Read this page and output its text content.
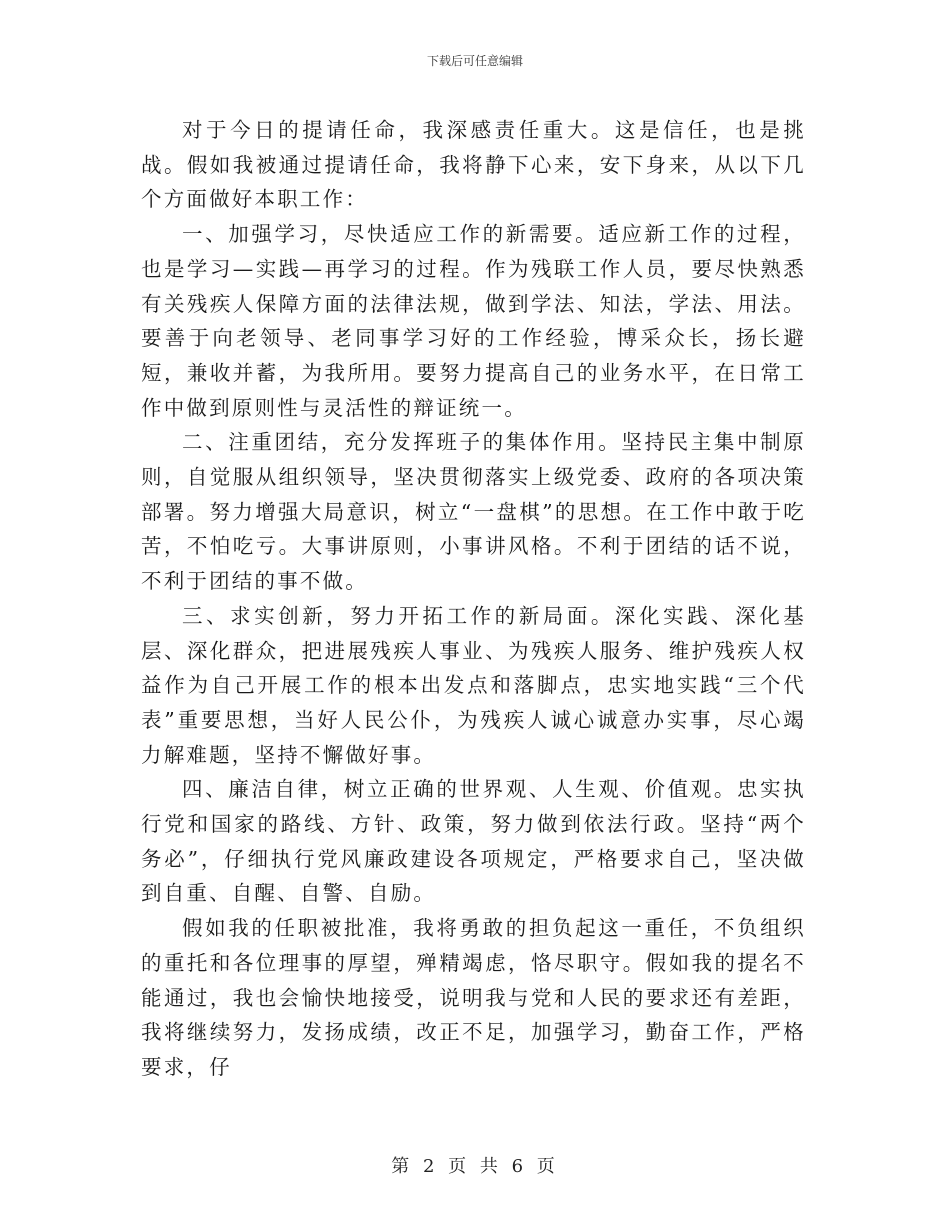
下载后可任意编辑

对于今日的提请任命，我深感责任重大。这是信任，也是挑战。假如我被通过提请任命，我将静下心来，安下身来，从以下几个方面做好本职工作：

一、加强学习，尽快适应工作的新需要。适应新工作的过程，也是学习—实践—再学习的过程。作为残联工作人员，要尽快熟悉有关残疾人保障方面的法律法规，做到学法、知法，学法、用法。要善于向老领导、老同事学习好的工作经验，博采众长，扬长避短，兼收并蓄，为我所用。要努力提高自己的业务水平，在日常工作中做到原则性与灵活性的辩证统一。

二、注重团结，充分发挥班子的集体作用。坚持民主集中制原则，自觉服从组织领导，坚决贯彻落实上级党委、政府的各项决策部署。努力增强大局意识，树立“一盘棋”的思想。在工作中敢于吃苦，不怕吃亏。大事讲原则，小事讲风格。不利于团结的话不说，不利于团结的事不做。

三、求实创新，努力开拓工作的新局面。深化实践、深化基层、深化群众，把进展残疾人事业、为残疾人服务、维护残疾人权益作为自己开展工作的根本出发点和落脚点，忠实地实践“三个代表”重要思想，当好人民公仆，为残疾人诚心诚意办实事，尽心竭力解难题，坚持不懈做好事。

四、廉洁自律，树立正确的世界观、人生观、价值观。忠实执行党和国家的路线、方针、政策，努力做到依法行政。坚持“两个务必”，仔细执行党风廉政建设各项规定，严格要求自己，坚决做到自重、自醒、自警、自励。

假如我的任职被批准，我将勇敢的担负起这一重任，不负组织的重托和各位理事的厚望，殚精竭虑，恪尽职守。假如我的提名不能通过，我也会愉快地接受，说明我与党和人民的要求还有差距，我将继续努力，发扬成绩，改正不足，加强学习，勤奋工作，严格要求，仔

第 2 页 共 6 页
